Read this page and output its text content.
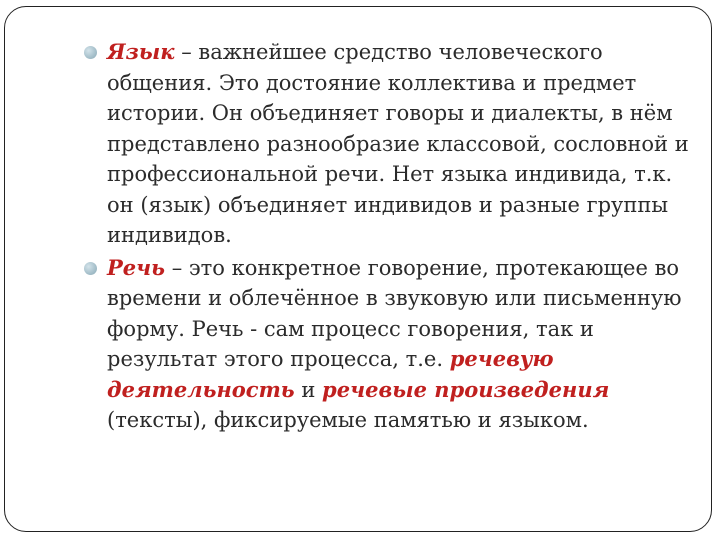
Язык – важнейшее средство человеческого общения. Это достояние коллектива и предмет истории. Он объединяет говоры и диалекты, в нём представлено разнообразие классовой, сословной и профессиональной речи. Нет языка индивида, т.к. он (язык) объединяет индивидов и разные группы индивидов.

Речь – это конкретное говорение, протекающее во времени и облечённое в звуковую или письменную форму. Речь - сам процесс говорения, так и результат этого процесса, т.е. речевую деятельность и речевые произведения (тексты), фиксируемые памятью и языком.
